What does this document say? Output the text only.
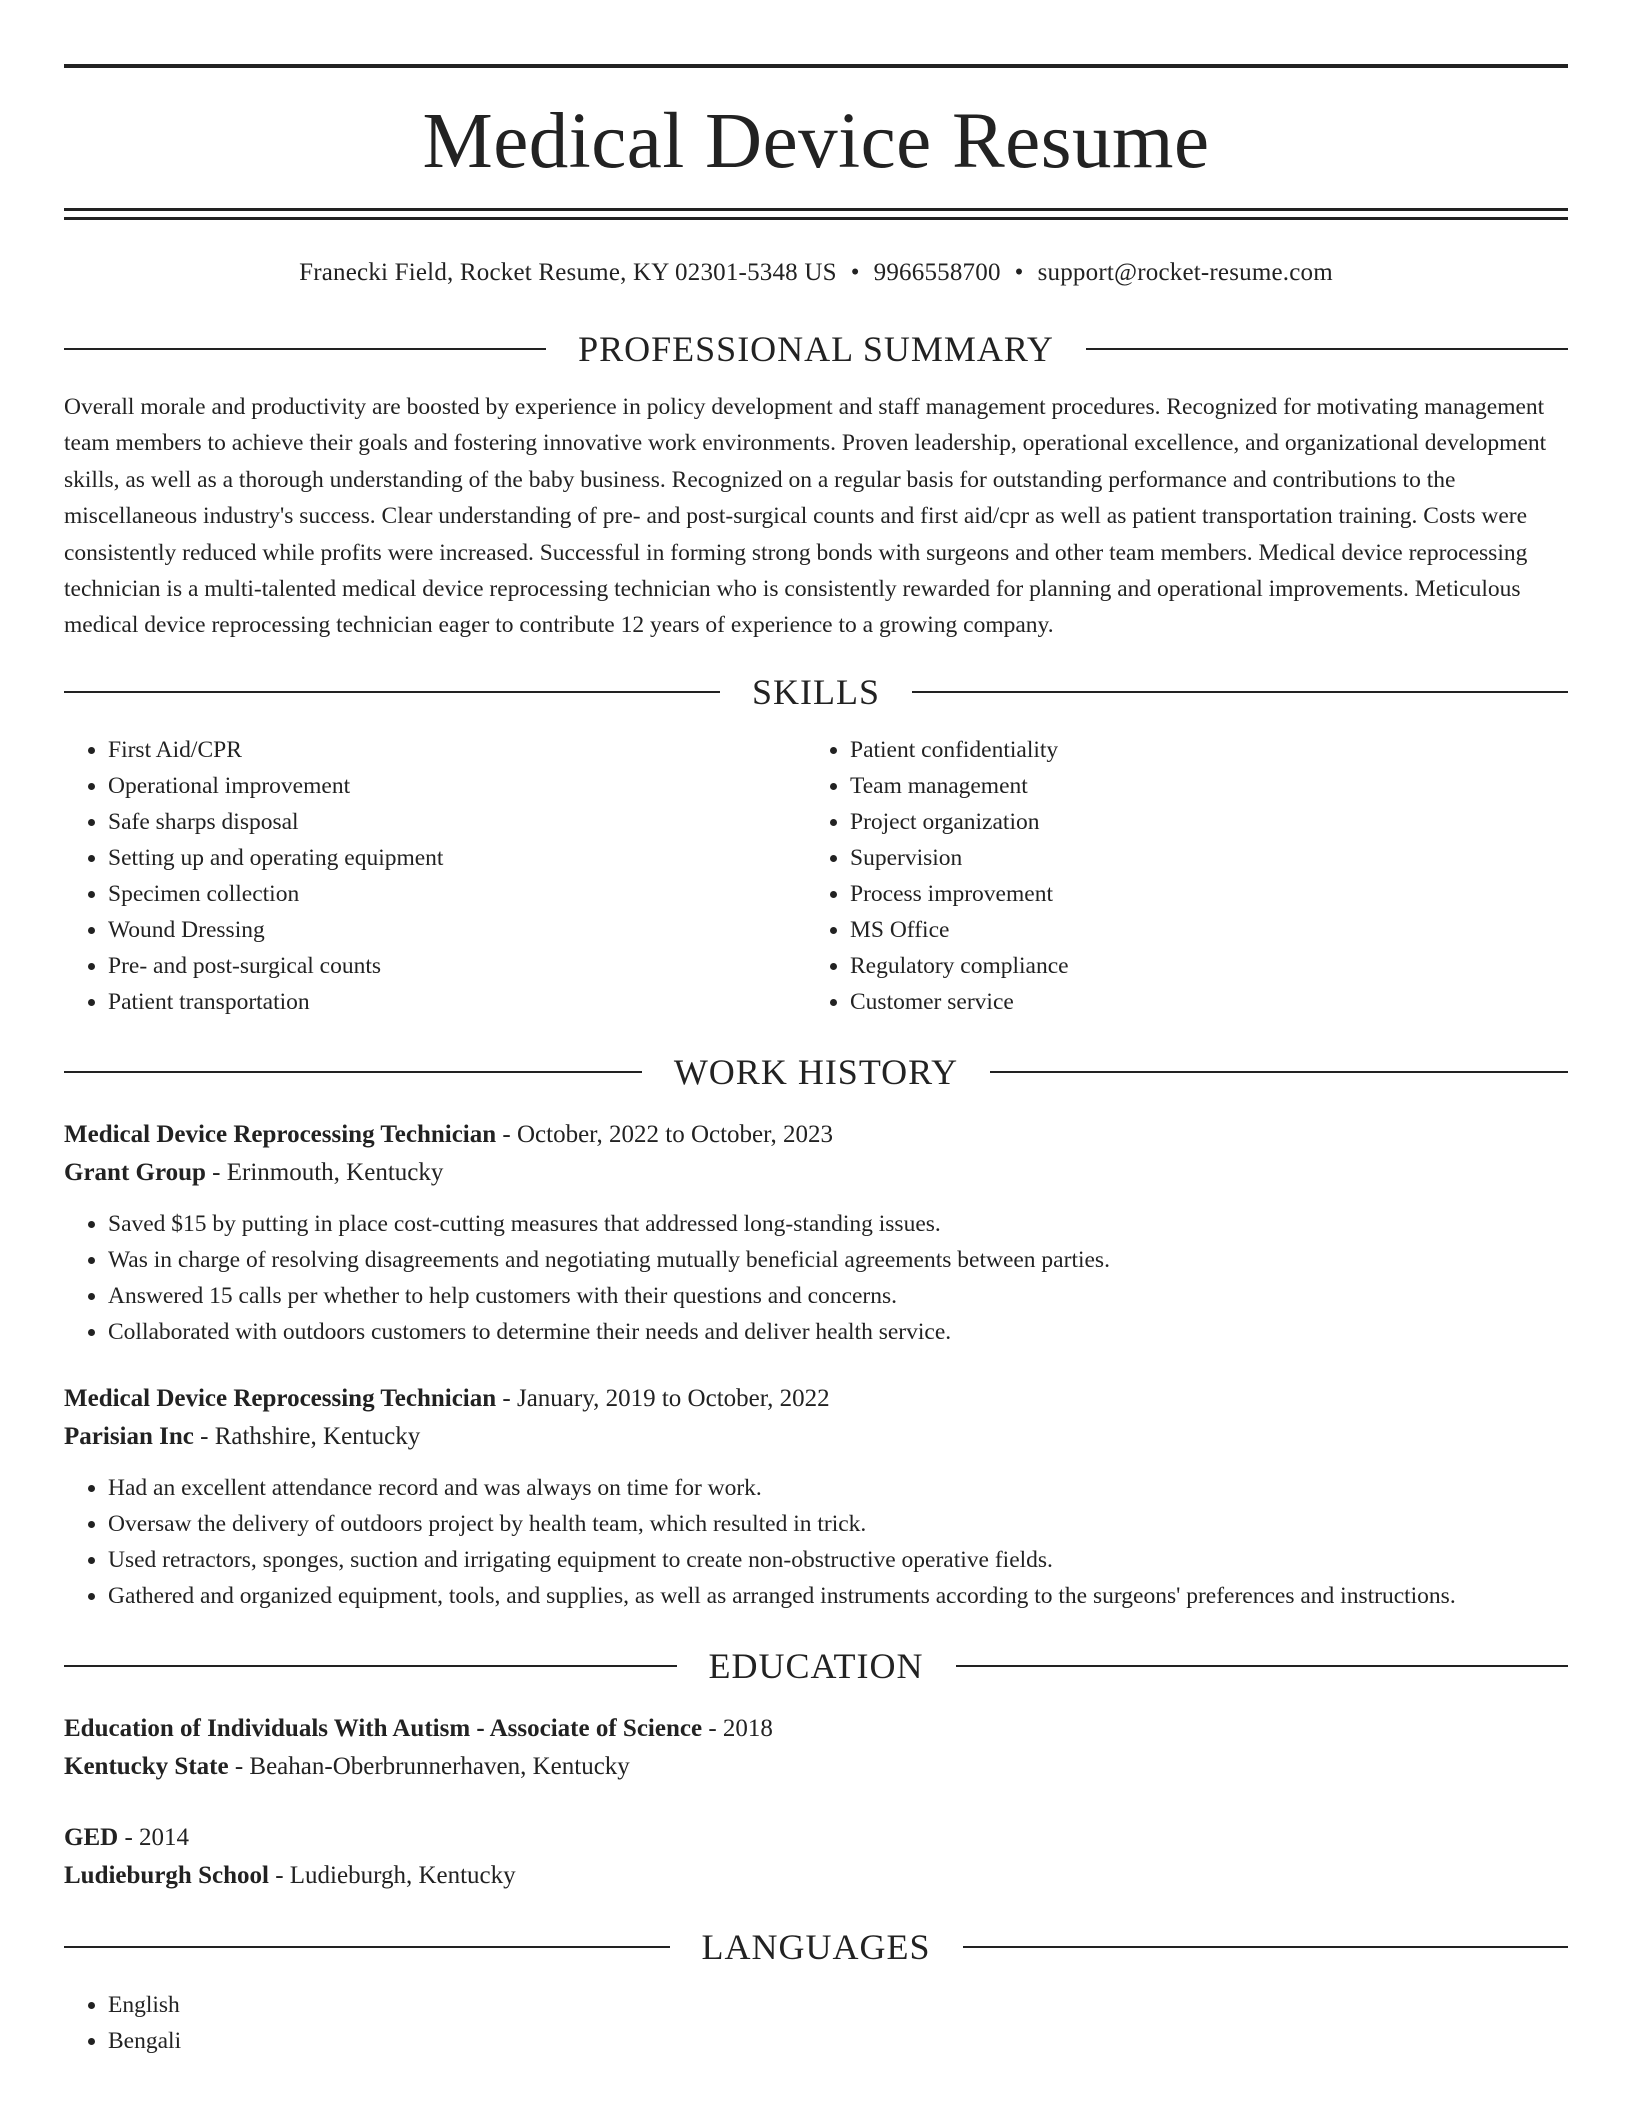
Medical Device Resume
Franecki Field, Rocket Resume, KY 02301-5348 US • 9966558700 • support@rocket-resume.com
PROFESSIONAL SUMMARY
Overall morale and productivity are boosted by experience in policy development and staff management procedures. Recognized for motivating management team members to achieve their goals and fostering innovative work environments. Proven leadership, operational excellence, and organizational development skills, as well as a thorough understanding of the baby business. Recognized on a regular basis for outstanding performance and contributions to the miscellaneous industry's success. Clear understanding of pre- and post-surgical counts and first aid/cpr as well as patient transportation training. Costs were consistently reduced while profits were increased. Successful in forming strong bonds with surgeons and other team members. Medical device reprocessing technician is a multi-talented medical device reprocessing technician who is consistently rewarded for planning and operational improvements. Meticulous medical device reprocessing technician eager to contribute 12 years of experience to a growing company.
SKILLS
• First Aid/CPR
• Operational improvement
• Safe sharps disposal
• Setting up and operating equipment
• Specimen collection
• Wound Dressing
• Pre- and post-surgical counts
• Patient transportation
• Patient confidentiality
• Team management
• Project organization
• Supervision
• Process improvement
• MS Office
• Regulatory compliance
• Customer service
WORK HISTORY
Medical Device Reprocessing Technician - October, 2022 to October, 2023
Grant Group - Erinmouth, Kentucky
• Saved $15 by putting in place cost-cutting measures that addressed long-standing issues.
• Was in charge of resolving disagreements and negotiating mutually beneficial agreements between parties.
• Answered 15 calls per whether to help customers with their questions and concerns.
• Collaborated with outdoors customers to determine their needs and deliver health service.
Medical Device Reprocessing Technician - January, 2019 to October, 2022
Parisian Inc - Rathshire, Kentucky
• Had an excellent attendance record and was always on time for work.
• Oversaw the delivery of outdoors project by health team, which resulted in trick.
• Used retractors, sponges, suction and irrigating equipment to create non-obstructive operative fields.
• Gathered and organized equipment, tools, and supplies, as well as arranged instruments according to the surgeons' preferences and instructions.
EDUCATION
Education of Individuals With Autism - Associate of Science - 2018
Kentucky State - Beahan-Oberbrunnerhaven, Kentucky
GED - 2014
Ludieburgh School - Ludieburgh, Kentucky
LANGUAGES
• English
• Bengali
